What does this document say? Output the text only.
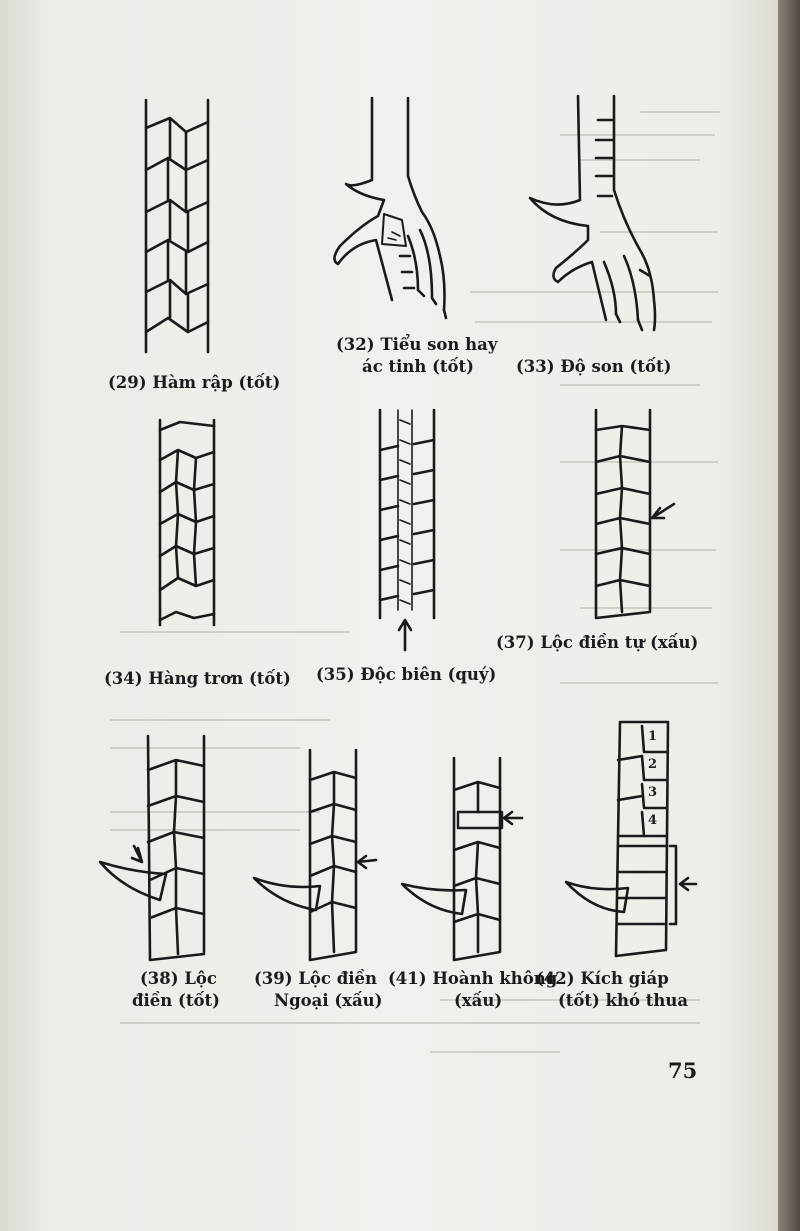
1
2
3
4
(29) Hàm rập (tốt)
(32) Tiểu son hay
ác tinh (tốt)	(33) Độ son (tốt)
(34) Hàng trơn (tốt) (35) Độc biên (quý)
(37) Lộc điền tự (xấu)
(38) Lộc
điền (tốt)
(39) Lộc điền
Ngoại (xấu)
(41) Hoành không
(xấu)
(42) Kích giáp
(tốt) khó thua
75
